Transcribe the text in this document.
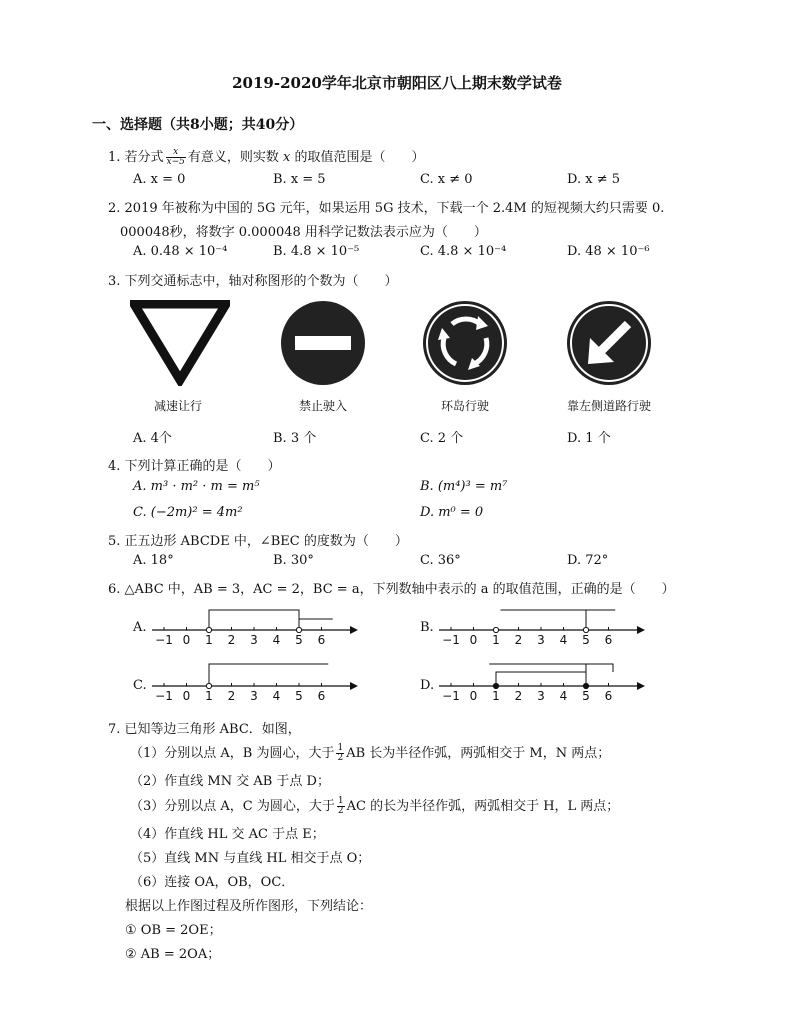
2019-2020学年北京市朝阳区八上期末数学试卷
一、选择题（共8小题；共40分）
1. 若分式 $\frac{x}{x-5}$ 有意义，则实数 x 的取值范围是（　　）
A. x = 0	B. x = 5	C. x ≠ 0	D. x ≠ 5
2. 2019 年被称为中国的 5G 元年，如果运用 5G 技术，下载一个 2.4M 的短视频大约只需要 0.
000048秒，将数字 0.000048 用科学记数法表示应为（　　）
A. 0.48 × 10⁻⁴	B. 4.8 × 10⁻⁵	C. 4.8 × 10⁻⁴	D. 48 × 10⁻⁶
3. 下列交通标志中，轴对称图形的个数为（　　）
减速让行	禁止驶入	环岛行驶	靠左侧道路行驶
A. 4个	B. 3 个	C. 2 个	D. 1 个
4. 下列计算正确的是（　　）
A. m³ · m² · m = m⁵	B. (m⁴)³ = m⁷
C. (−2m)² = 4m²	D. m⁰ = 0
5. 正五边形 ABCDE 中，∠BEC 的度数为（　　）
A. 18°	B. 30°	C. 36°	D. 72°
6. △ABC 中，AB = 3，AC = 2，BC = a，下列数轴中表示的 a 的取值范围，正确的是（　　）
A.	B.
C.	D.
−1 0 1 2 3 4 5 6	−1 0 1 2 3 4 5 6
−1 0 1 2 3 4 5 6	−1 0 1 2 3 4 5 6
7. 已知等边三角形 ABC．如图，
（1）分别以点 A，B 为圆心，大于 $\frac{1}{2}$ AB 长为半径作弧，两弧相交于 M，N 两点；
（2）作直线 MN 交 AB 于点 D；
（3）分别以点 A，C 为圆心，大于 $\frac{1}{2}$ AC 的长为半径作弧，两弧相交于 H，L 两点；
（4）作直线 HL 交 AC 于点 E；
（5）直线 MN 与直线 HL 相交于点 O；
（6）连接 OA，OB，OC．
根据以上作图过程及所作图形，下列结论：
① OB = 2OE；
② AB = 2OA；
